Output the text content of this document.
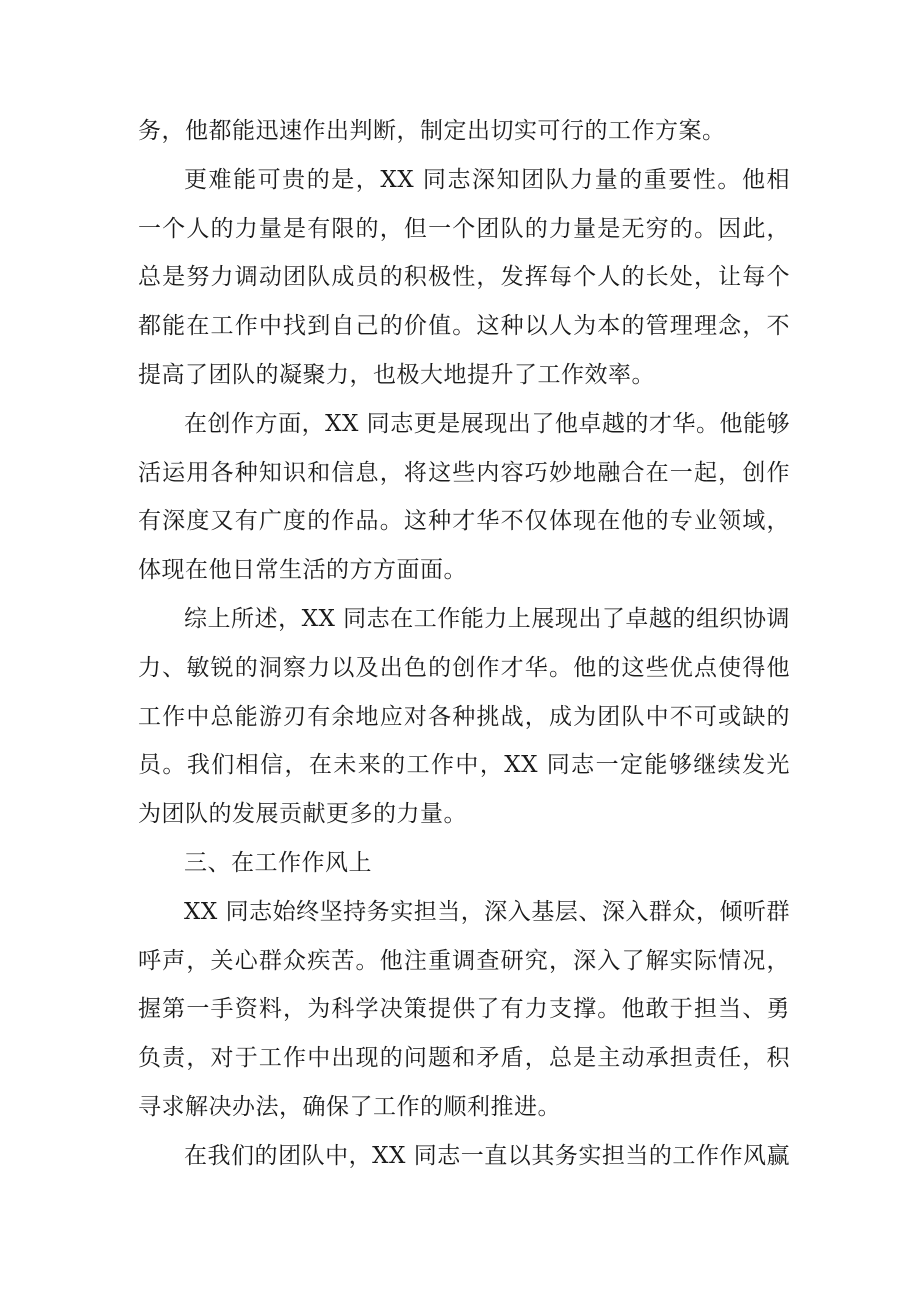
务，他都能迅速作出判断，制定出切实可行的工作方案。
更难能可贵的是，XX 同志深知团队力量的重要性。他相
一个人的力量是有限的，但一个团队的力量是无穷的。因此，
总是努力调动团队成员的积极性，发挥每个人的长处，让每个
都能在工作中找到自己的价值。这种以人为本的管理理念，不
提高了团队的凝聚力，也极大地提升了工作效率。
在创作方面，XX 同志更是展现出了他卓越的才华。他能够
活运用各种知识和信息，将这些内容巧妙地融合在一起，创作
有深度又有广度的作品。这种才华不仅体现在他的专业领域，
体现在他日常生活的方方面面。
综上所述，XX 同志在工作能力上展现出了卓越的组织协调
力、敏锐的洞察力以及出色的创作才华。他的这些优点使得他
工作中总能游刃有余地应对各种挑战，成为团队中不可或缺的
员。我们相信，在未来的工作中，XX 同志一定能够继续发光
为团队的发展贡献更多的力量。
三、在工作作风上
XX 同志始终坚持务实担当，深入基层、深入群众，倾听群
呼声，关心群众疾苦。他注重调查研究，深入了解实际情况，
握第一手资料，为科学决策提供了有力支撑。他敢于担当、勇
负责，对于工作中出现的问题和矛盾，总是主动承担责任，积
寻求解决办法，确保了工作的顺利推进。
在我们的团队中，XX 同志一直以其务实担当的工作作风赢
